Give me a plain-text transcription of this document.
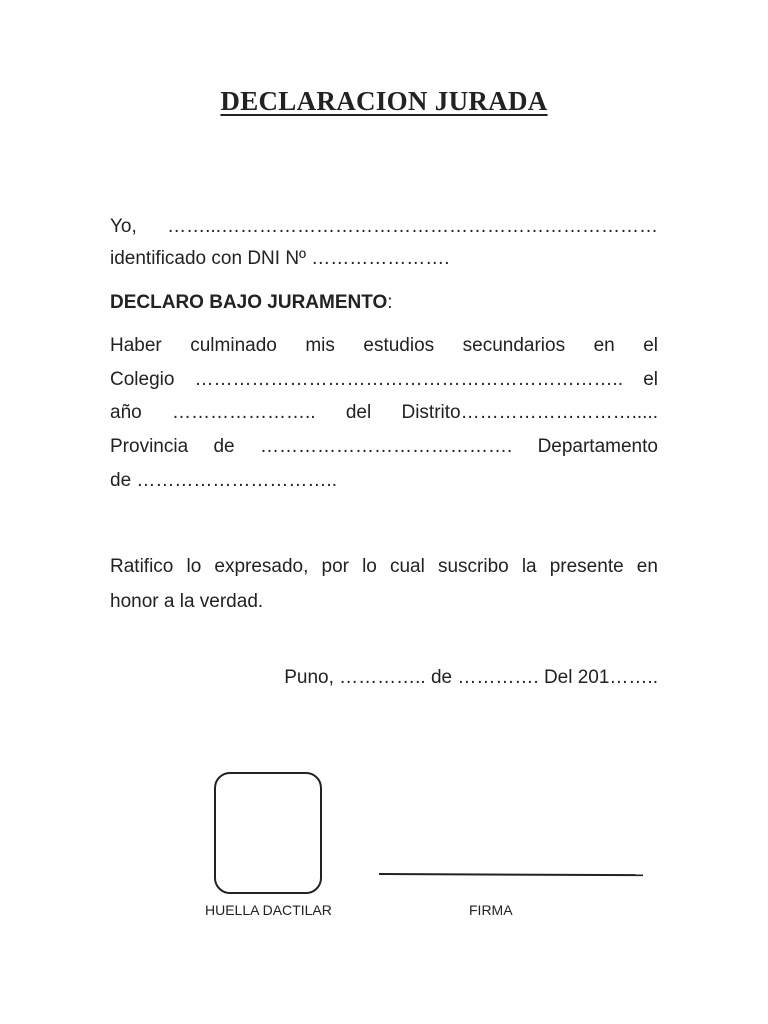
DECLARACION JURADA
Yo, ……...……………………………………………………………
identificado con DNI Nº ………………….
DECLARO BAJO JURAMENTO:
Haber culminado mis estudios secundarios en el
Colegio ………………………………………………………….. el
año ………………….. del Distrito……………………….....
Provincia de …………………………………. Departamento
de …………………………..
Ratifico lo expresado, por lo cual suscribo la presente en
honor a la verdad.
Puno, ………….. de …………. Del 201……..
HUELLA DACTILAR	FIRMA
